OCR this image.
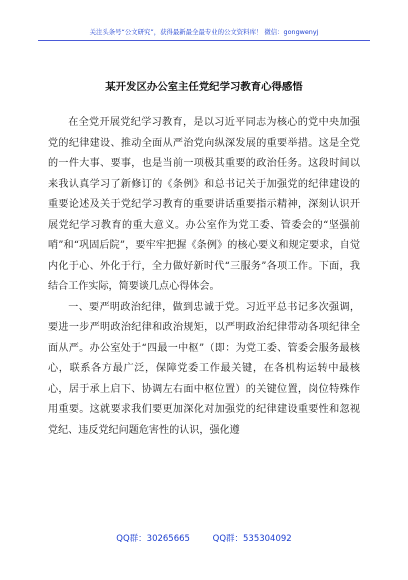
关注头条号“公文研究”，获得最新最全最专业的公文资料库！ 微信：gongwenyj
某开发区办公室主任党纪学习教育心得感悟

在全党开展党纪学习教育，是以习近平同志为核心的党中央加强党的纪律建设、推动全面从严治党向纵深发展的重要举措。这是全党的一件大事、要事，也是当前一项极其重要的政治任务。这段时间以来我认真学习了新修订的《条例》和总书记关于加强党的纪律建设的重要论述及关于党纪学习教育的重要讲话重要指示精神，深刻认识开展党纪学习教育的重大意义。办公室作为党工委、管委会的“坚强前哨”和“巩固后院”，要牢牢把握《条例》的核心要义和规定要求，自觉内化于心、外化于行，全力做好新时代“三服务”各项工作。下面，我结合工作实际，简要谈几点心得体会。

一、要严明政治纪律，做到忠诚于党。习近平总书记多次强调，要进一步严明政治纪律和政治规矩，以严明政治纪律带动各项纪律全面从严。办公室处于“四最一中枢”（即：为党工委、管委会服务最核心，联系各方最广泛，保障党委工作最关键，在各机构运转中最核心，居于承上启下、协调左右面中枢位置）的关键位置，岗位特殊作用重要。这就要求我们要更加深化对加强党的纪律建设重要性和忽视党纪、违反党纪问题危害性的认识，强化遵

QQ群：30265665	QQ群：535304092
